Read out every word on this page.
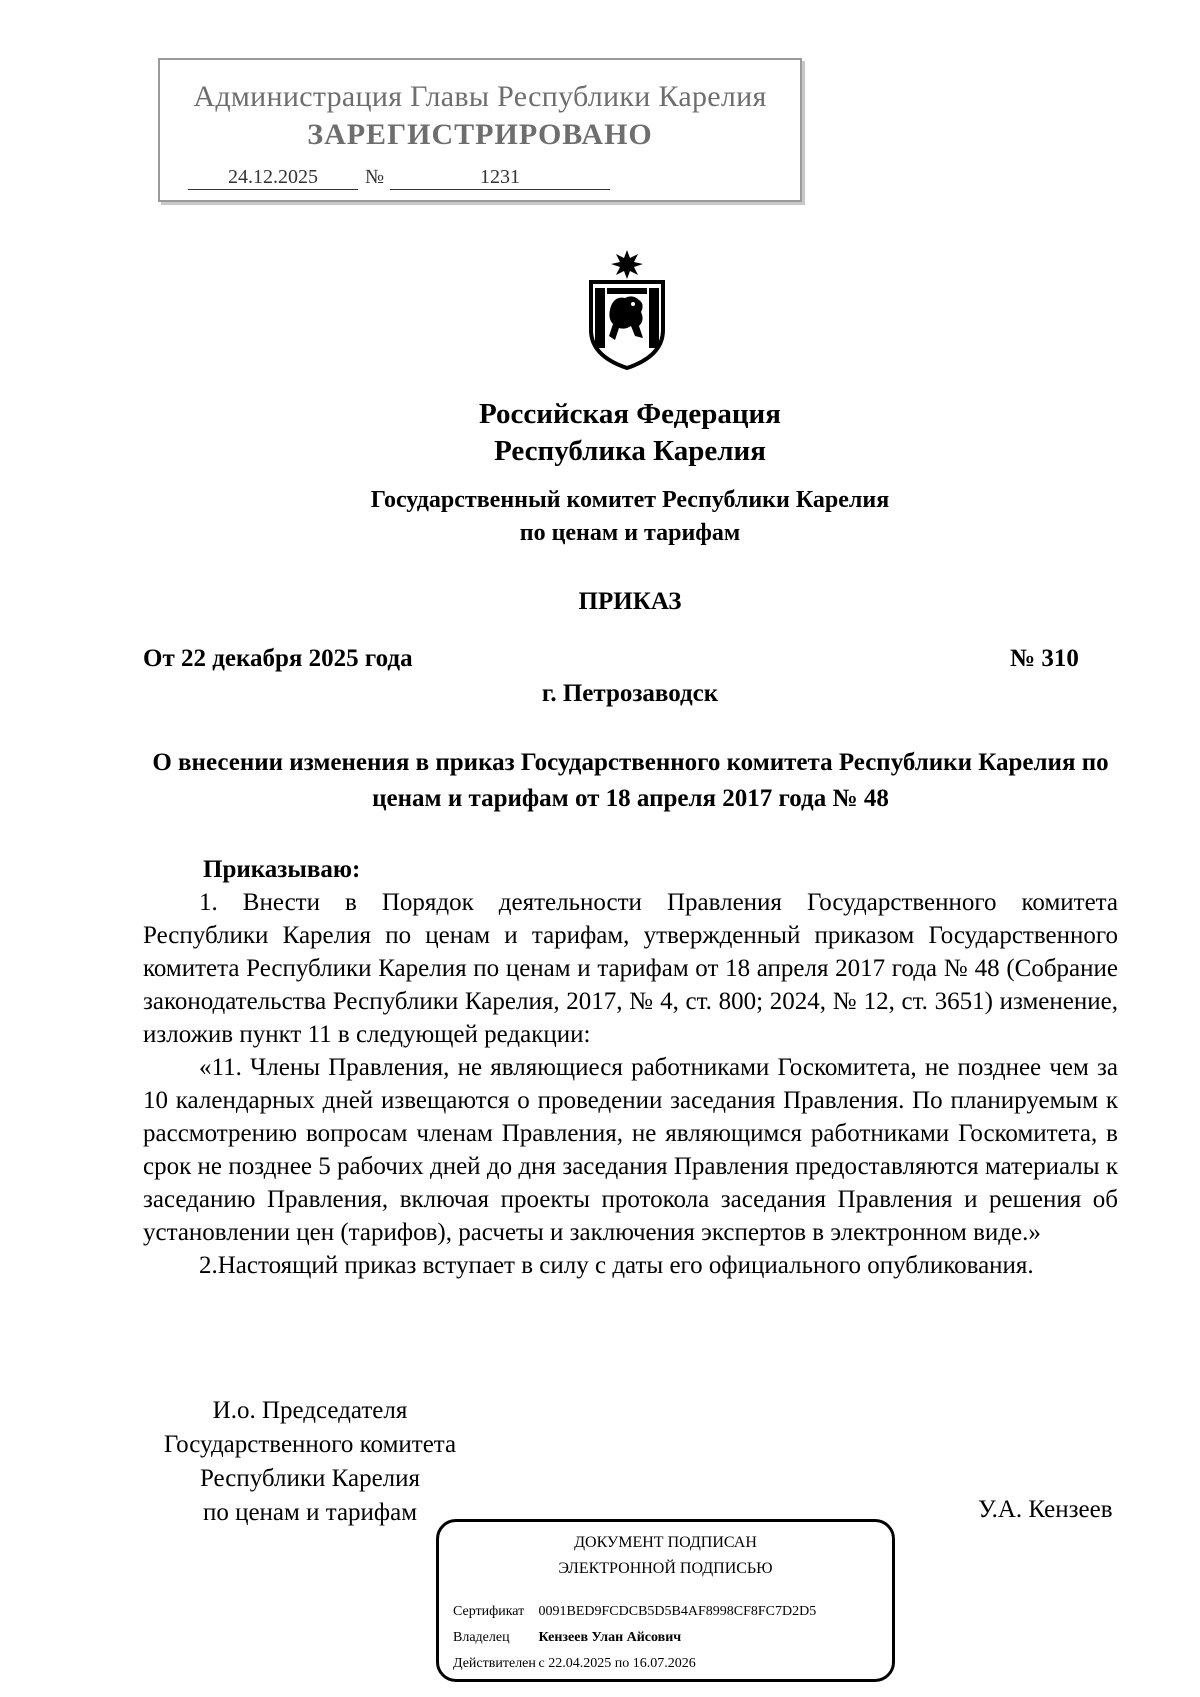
Администрация Главы Республики Карелия
ЗАРЕГИСТРИРОВАНО
24.12.2025	№	1231
Российская Федерация
Республика Карелия
Государственный комитет Республики Карелия
по ценам и тарифам
ПРИКАЗ
От 22 декабря 2025 года	№ 310
г. Петрозаводск
О внесении изменения в приказ Государственного комитета Республики Карелия по ценам и тарифам от 18 апреля 2017 года № 48

Приказываю:

1. Внести в Порядок деятельности Правления Государственного комитета Республики Карелия по ценам и тарифам, утвержденный приказом Государственного комитета Республики Карелия по ценам и тарифам от 18 апреля 2017 года № 48 (Собрание законодательства Республики Карелия, 2017, № 4, ст. 800; 2024, № 12, ст. 3651) изменение, изложив пункт 11 в следующей редакции:

«11. Члены Правления, не являющиеся работниками Госкомитета, не позднее чем за 10 календарных дней извещаются о проведении заседания Правления. По планируемым к рассмотрению вопросам членам Правления, не являющимся работниками Госкомитета, в срок не позднее 5 рабочих дней до дня заседания Правления предоставляются материалы к заседанию Правления, включая проекты протокола заседания Правления и решения об установлении цен (тарифов), расчеты и заключения экспертов в электронном виде.»

2.Настоящий приказ вступает в силу с даты его официального опубликования.

И.о. Председателя
Государственного комитета
Республики Карелия
по ценам и тарифам	У.А. Кензеев
ДОКУМЕНТ ПОДПИСАН
ЭЛЕКТРОННОЙ ПОДПИСЬЮ
Сертификат 0091BED9FCDCB5D5B4AF8998CF8FC7D2D5
Владелец Кензеев Улан Айсович
Действителен с 22.04.2025 по 16.07.2026
